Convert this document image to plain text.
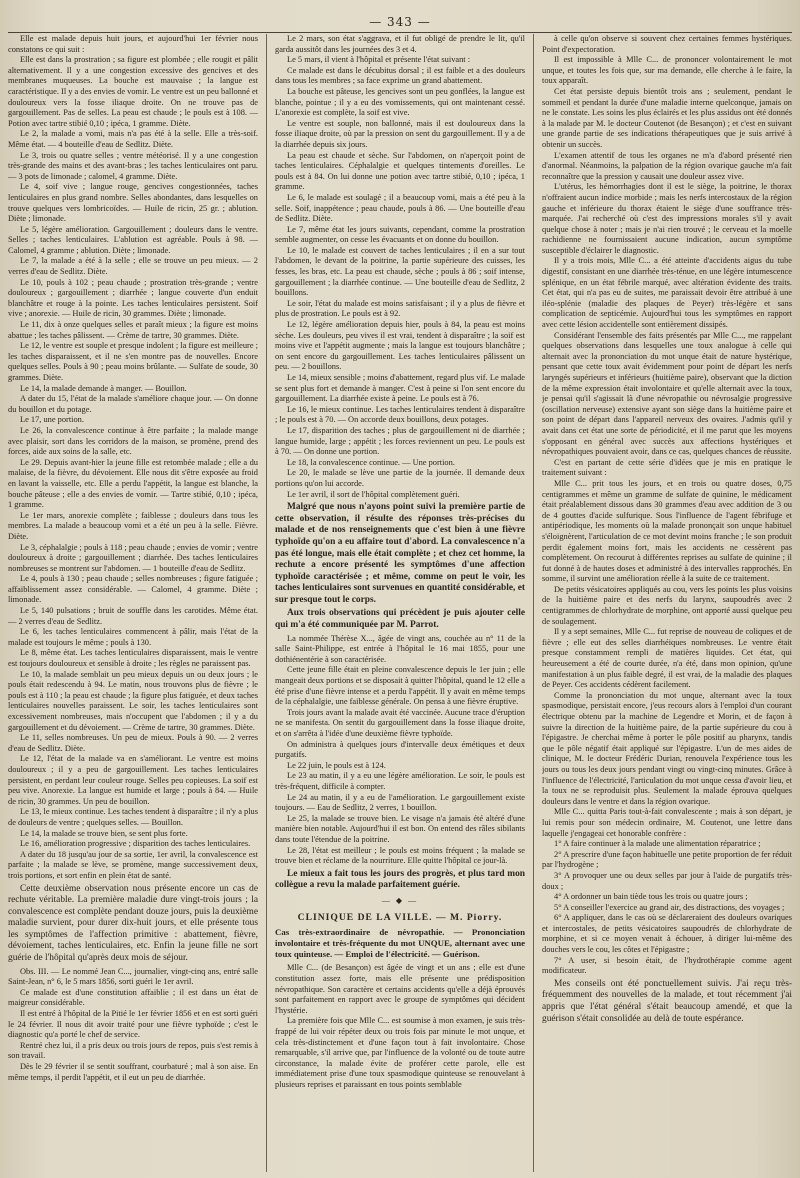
— 343 —

Elle est malade depuis huit jours, et aujourd'hui 1er février nous constatons ce qui suit :

Elle est dans la prostration ; sa figure est plombée ; elle rougit et pâlit alternativement. Il y a une congestion excessive des gencives et des membranes muqueuses. La bouche est mauvaise ; la langue est caractéristique. Il y a des envies de vomir. Le ventre est un peu ballonné et douloureux vers la fosse iliaque droite. On ne trouve pas de gargouillement. Pas de selles. La peau est chaude ; le pouls est à 108. — Potion avec tartre stibié 0,10 ; ipéca, 1 gramme. Diète.

Le 2, la malade a vomi, mais n'a pas été à la selle. Elle a très-soif. Même état. — 4 bouteille d'eau de Sedlitz. Diète.

Le 3, trois ou quatre selles ; ventre météorisé. Il y a une congestion très-grande des mains et des avant-bras ; les taches lenticulaires ont paru. — 3 pots de limonade ; calomel, 4 gramme. Diète.

Le 4, soif vive ; langue rouge, gencives congestionnées, taches lenticulaires en plus grand nombre. Selles abondantes, dans lesquelles on trouve quelques vers lombricoïdes. — Huile de ricin, 25 gr. ; ablution. Diète ; limonade.

Le 5, légère amélioration. Gargouillement ; douleurs dans le ventre. Selles ; taches lenticulaires. L'ablution est agréable. Pouls à 98. — Calomel, 4 gramme ; ablution. Diète ; limonade.

Le 7, la malade a été à la selle ; elle se trouve un peu mieux. — 2 verres d'eau de Sedlitz. Diète.

Le 10, pouls à 102 ; peau chaude ; prostration très-grande ; ventre douloureux ; gargouillement ; diarrhée ; langue couverte d'un enduit blanchâtre et rouge à la pointe. Les taches lenticulaires persistent. Soif vive ; anorexie. — Huile de ricin, 30 grammes. Diète ; limonade.

Le 11, dix à onze quelques selles et paraît mieux ; la figure est moins abattue ; les taches pâlissent. — Crème de tartre, 30 grammes. Diète.

Le 12, le ventre est souple et presque indolent ; la figure est meilleure ; les taches disparaissent, et il ne s'en montre pas de nouvelles. Encore quelques selles. Pouls à 90 ; peau moins brûlante. — Sulfate de soude, 30 grammes. Diète.

Le 14, la malade demande à manger. — Bouillon.

A dater du 15, l'état de la malade s'améliore chaque jour. — On donne du bouillon et du potage.

Le 17, une portion.

Le 26, la convalescence continue à être parfaite ; la malade mange avec plaisir, sort dans les corridors de la maison, se promène, prend des forces, aide aux soins de la salle, etc.

Le 29. Depuis avant-hier la jeune fille est retombée malade ; elle a du malaise, de la fièvre, du dévoiement. Elle nous dit s'être exposée au froid en lavant la vaisselle, etc. Elle a perdu l'appétit, la langue est blanche, la bouche pâteuse ; elle a des envies de vomir. — Tartre stibié, 0,10 ; ipéca, 1 gramme.

Le 1er mars, anorexie complète ; faiblesse ; douleurs dans tous les membres. La malade a beaucoup vomi et a été un peu à la selle. Fièvre. Diète.

Le 3, céphalalgie ; pouls à 118 ; peau chaude ; envies de vomir ; ventre douloureux à droite ; gargouillement ; diarrhée. Des taches lenticulaires nombreuses se montrent sur l'abdomen. — 1 bouteille d'eau de Sedlitz.

Le 4, pouls à 130 ; peau chaude ; selles nombreuses ; figure fatiguée ; affaiblissement assez considérable. — Calomel, 4 gramme. Diète ; limonade.

Le 5, 140 pulsations ; bruit de souffle dans les carotides. Même état. — 2 verres d'eau de Sedlitz.

Le 6, les taches lenticulaires commencent à pâlir, mais l'état de la malade est toujours le même ; pouls à 130.

Le 8, même état. Les taches lenticulaires disparaissent, mais le ventre est toujours douloureux et sensible à droite ; les règles ne paraissent pas.

Le 10, la malade semblait un peu mieux depuis un ou deux jours ; le pouls était redescendu à 94. Le matin, nous trouvons plus de fièvre ; le pouls est à 110 ; la peau est chaude ; la figure plus fatiguée, et deux taches lenticulaires nouvelles paraissent. Le soir, les taches lenticulaires sont excessivement nombreuses, mais n'occupent que l'abdomen ; il y a du gargouillement et du dévoiement. — Crème de tartre, 30 grammes. Diète.

Le 11, selles nombreuses. Un peu de mieux. Pouls à 90. — 2 verres d'eau de Sedlitz. Diète.

Le 12, l'état de la malade va en s'améliorant. Le ventre est moins douloureux ; il y a peu de gargouillement. Les taches lenticulaires persistent, en perdant leur couleur rouge. Selles peu copieuses. La soif est peu vive. Anorexie. La langue est humide et large ; pouls à 84. — Huile de ricin, 30 grammes. Un peu de bouillon.

Le 13, le mieux continue. Les taches tendent à disparaître ; il n'y a plus de douleurs de ventre ; quelques selles. — Bouillon.

Le 14, la malade se trouve bien, se sent plus forte.

Le 16, amélioration progressive ; disparition des taches lenticulaires.

A dater du 18 jusqu'au jour de sa sortie, 1er avril, la convalescence est parfaite ; la malade se lève, se promène, mange successivement deux, trois portions, et sort enfin en plein état de santé.

Cette deuxième observation nous présente encore un cas de rechute véritable. La première maladie dure vingt-trois jours ; la convalescence est complète pendant douze jours, puis la deuxième maladie survient, pour durer dix-huit jours, et elle présente tous les symptômes de l'affection primitive : abattement, fièvre, dévoiement, taches lenticulaires, etc. Enfin la jeune fille ne sort guérie de l'hôpital qu'après deux mois de séjour.

Obs. III. — Le nommé Jean C..., journalier, vingt-cinq ans, entré salle Saint-Jean, n° 6, le 5 mars 1856, sorti guéri le 1er avril.

Ce malade est d'une constitution affaiblie ; il est dans un état de maigreur considérable.

Il est entré à l'hôpital de la Pitié le 1er février 1856 et en est sorti guéri le 24 février. Il nous dit avoir traité pour une fièvre typhoïde ; c'est le diagnostic qu'a porté le chef de service.

Rentré chez lui, il a pris deux ou trois jours de repos, puis s'est remis à son travail.

Dès le 29 février il se sentit souffrant, courbaturé ; mal à son aise. En même temps, il perdit l'appétit, et il eut un peu de diarrhée.

Le 2 mars, son état s'aggrava, et il fut obligé de prendre le lit, qu'il garda aussitôt dans les journées des 3 et 4.

Le 5 mars, il vient à l'hôpital et présente l'état suivant :

Ce malade est dans le décubitus dorsal ; il est faible et a des douleurs dans tous les membres ; sa face exprime un grand abattement.

La bouche est pâteuse, les gencives sont un peu gonflées, la langue est blanche, pointue ; il y a eu des vomissements, qui ont maintenant cessé. L'anorexie est complète, la soif est vive.

Le ventre est souple, non ballonné, mais il est douloureux dans la fosse iliaque droite, où par la pression on sent du gargouillement. Il y a de la diarrhée depuis six jours.

La peau est chaude et sèche. Sur l'abdomen, on n'aperçoit point de taches lenticulaires. Céphalalgie et quelques tintements d'oreilles. Le pouls est à 84. On lui donne une potion avec tartre stibié, 0,10 ; ipéca, 1 gramme.

Le 6, le malade est soulagé ; il a beaucoup vomi, mais a été peu à la selle. Soif, inappétence ; peau chaude, pouls à 86. — Une bouteille d'eau de Sedlitz. Diète.

Le 7, même état les jours suivants, cependant, comme la prostration semble augmenter, on cesse les évacuants et on donne du bouillon.

Le 10, le malade est couvert de taches lenticulaires ; il en a sur tout l'abdomen, le devant de la poitrine, la partie supérieure des cuisses, les fesses, les bras, etc. La peau est chaude, sèche ; pouls à 86 ; soif intense, gargouillement ; la diarrhée continue. — Une bouteille d'eau de Sedlitz, 2 bouillons.

Le soir, l'état du malade est moins satisfaisant ; il y a plus de fièvre et plus de prostration. Le pouls est à 92.

Le 12, légère amélioration depuis hier, pouls à 84, la peau est moins sèche. Les douleurs, peu vives il est vrai, tendent à disparaître ; la soif est moins vive et l'appétit augmente ; mais la langue est toujours blanchâtre ; on sent encore du gargouillement. Les taches lenticulaires pâlissent un peu. — 2 bouillons.

Le 14, mieux sensible ; moins d'abattement, regard plus vif. Le malade se sent plus fort et demande à manger. C'est à peine si l'on sent encore du gargouillement. La diarrhée existe à peine. Le pouls est à 76.

Le 16, le mieux continue. Les taches lenticulaires tendent à disparaître ; le pouls est à 70. — On accorde deux bouillons, deux potages.

Le 17, disparition des taches ; plus de gargouillement ni de diarrhée ; langue humide, large ; appétit ; les forces reviennent un peu. Le pouls est à 70. — On donne une portion.

Le 18, la convalescence continue. — Une portion.

Le 20, le malade se lève une partie de la journée. Il demande deux portions qu'on lui accorde.

Le 1er avril, il sort de l'hôpital complètement guéri.

Malgré que nous n'ayons point suivi la première partie de cette observation, il résulte des réponses très-précises du malade et de nos renseignements que c'est bien à une fièvre typhoïde qu'on a eu affaire tout d'abord. La convalescence n'a pas été longue, mais elle était complète ; et chez cet homme, la rechute a encore présenté les symptômes d'une affection typhoïde caractérisée ; et même, comme on peut le voir, les taches lenticulaires sont survenues en quantité considérable, et sur presque tout le corps.

Aux trois observations qui précèdent je puis ajouter celle qui m'a été communiquée par M. Parrot.

La nommée Thérèse X..., âgée de vingt ans, couchée au n° 11 de la salle Saint-Philippe, est entrée à l'hôpital le 16 mai 1855, pour une dothiénentérie à son caractérisée.

Cette jeune fille était en pleine convalescence depuis le 1er juin ; elle mangeait deux portions et se disposait à quitter l'hôpital, quand le 12 elle a été prise d'une fièvre intense et a perdu l'appétit. Il y avait en même temps de la céphalalgie, une faiblesse générale. On pensa à une fièvre éruptive.

Trois jours avant la malade avait été vaccinée. Aucune trace d'éruption ne se manifesta. On sentit du gargouillement dans la fosse iliaque droite, et on s'arrêta à l'idée d'une deuxième fièvre typhoïde.

On administra à quelques jours d'intervalle deux émétiques et deux purgatifs.

Le 22 juin, le pouls est à 124.

Le 23 au matin, il y a eu une légère amélioration. Le soir, le pouls est très-fréquent, difficile à compter.

Le 24 au matin, il y a eu de l'amélioration. Le gargouillement existe toujours. — Eau de Sedlitz, 2 verres, 1 bouillon.

Le 25, la malade se trouve bien. Le visage n'a jamais été altéré d'une manière bien notable. Aujourd'hui il est bon. On entend des râles sibilants dans toute l'étendue de la poitrine.

Le 28, l'état est meilleur ; le pouls est moins fréquent ; la malade se trouve bien et réclame de la nourriture. Elle quitte l'hôpital ce jour-là.

Le mieux a fait tous les jours des progrès, et plus tard mon collègue a revu la malade parfaitement guérie.

— ◆ —
CLINIQUE DE LA VILLE. — M. Piorry.
Cas très-extraordinaire de névropathie. — Prononciation involontaire et très-fréquente du mot UNQUE, alternant avec une toux quinteuse. — Emploi de l'électricité. — Guérison.

Mlle C... (de Besançon) est âgée de vingt et un ans ; elle est d'une constitution assez forte, mais elle présente une prédisposition névropathique. Son caractère et certains accidents qu'elle a déjà éprouvés sont parfaitement en rapport avec le groupe de symptômes qui décident l'hystérie.

La première fois que Mlle C... est soumise à mon examen, je suis très-frappé de lui voir répéter deux ou trois fois par minute le mot unque, et cela très-distinctement et d'une façon tout à fait involontaire. Chose remarquable, s'il arrive que, par l'influence de la volonté ou de toute autre circonstance, la malade évite de proférer cette parole, elle est immédiatement prise d'une toux spasmodique quinteuse se renouvelant à plusieurs reprises et paraissant en tous points semblable

à celle qu'on observe si souvent chez certaines femmes hystériques. Point d'expectoration.

Il est impossible à Mlle C... de prononcer volontairement le mot unque, et toutes les fois que, sur ma demande, elle cherche à le faire, la toux apparaît.

Cet état persiste depuis bientôt trois ans ; seulement, pendant le sommeil et pendant la durée d'une maladie interne quelconque, jamais on ne le constate. Les soins les plus éclairés et les plus assidus ont été donnés à la malade par M. le docteur Coutenot (de Besançon) ; et c'est en suivant une grande partie de ses indications thérapeutiques que je suis arrivé à obtenir un succès.

L'examen attentif de tous les organes ne m'a d'abord présenté rien d'anormal. Néanmoins, la palpation de la région ovarique gauche m'a fait reconnaître que la pression y causait une douleur assez vive.

L'utérus, les hémorrhagies dont il est le siège, la poitrine, le thorax n'offraient aucun indice morbide ; mais les nerfs intercostaux de la région gauche et inférieure du thorax étaient le siège d'une souffrance très-marquée. J'ai recherché où c'est des impressions morales s'il y avait quelque chose à noter ; mais je n'ai rien trouvé ; le cerveau et la moelle rachidienne ne fournissaient aucune indication, aucun symptôme susceptible d'éclairer le diagnostic.

Il y a trois mois, Mlle C... a été atteinte d'accidents aigus du tube digestif, consistant en une diarrhée très-ténue, en une légère intumescence splénique, en un état fébrile marqué, avec altération évidente des traits. Cet état, qui n'a pas eu de suites, me paraissait devoir être attribué à une iléo-splénie (maladie des plaques de Peyer) très-légère et sans complication de septicémie. Aujourd'hui tous les symptômes en rapport avec cette lésion accidentelle sont entièrement dissipés.

Considérant l'ensemble des faits présentés par Mlle C..., me rappelant quelques observations dans lesquelles une toux analogue à celle qui alternait avec la prononciation du mot unque était de nature hystérique, pensant que cette toux avait évidemment pour point de départ les nerfs laryngés supérieurs et inférieurs (huitième paire), observant que la diction de la même expression était involontaire et qu'elle alternait avec la toux, je pensai qu'il s'agissait là d'une névropathie ou névrosalgie progressive (oscillation nerveuse) extensive ayant son siège dans la huitième paire et son point de départ dans l'appareil nerveux des ovaires. J'admis qu'il y avait dans cet état une sorte de périodicité, et il me parut que les moyens s'opposant en général avec succès aux affections hystériques et névropathiques pouvaient avoir, dans ce cas, quelques chances de réussite.

C'est en partant de cette série d'idées que je mis en pratique le traitement suivant :

Mlle C... prit tous les jours, et en trois ou quatre doses, 0,75 centigrammes et même un gramme de sulfate de quinine, le médicament était préalablement dissous dans 30 grammes d'eau avec addition de 3 ou de 4 gouttes d'acide sulfurique. Sous l'influence de l'agent fébrifuge et antipériodique, les moments où la malade prononçait son unque habituel s'éloignèrent, l'articulation de ce mot devint moins franche ; le son produit perdit également moins fort, mais les accidents ne cessèrent pas complètement. On recourut à différentes reprises au sulfate de quinine ; il fut donné à de hautes doses et administré à des intervalles rapprochés. En somme, il survint une amélioration réelle à la suite de ce traitement.

De petits vésicatoires appliqués au cou, vers les points les plus voisins de la huitième paire et des nerfs du larynx, saupoudrés avec 2 centigrammes de chlorhydrate de morphine, ont apporté aussi quelque peu de soulagement.

Il y a sept semaines, Mlle C... fut reprise de nouveau de coliques et de fièvre ; elle eut des selles diarrhéiques nombreuses. Le ventre était presque constamment rempli de matières liquides. Cet état, qui heureusement a été de courte durée, n'a été, dans mon opinion, qu'une manifestation à un plus faible degré, il est vrai, de la maladie des plaques de Peyer. Ces accidents cédèrent facilement.

Comme la prononciation du mot unque, alternant avec la toux spasmodique, persistait encore, j'eus recours alors à l'emploi d'un courant électrique obtenu par la machine de Legendre et Morin, et de façon à suivre la direction de la huitième paire, de la partie supérieure du cou à l'épigastre. Je cherchai même à porter le pôle positif au pharynx, tandis que le pôle négatif était appliqué sur l'épigastre. L'un de mes aides de clinique, M. le docteur Frédéric Durian, renouvela l'expérience tous les jours ou tous les deux jours pendant vingt ou vingt-cinq minutes. Grâce à l'influence de l'électricité, l'articulation du mot unque cessa d'avoir lieu, et la toux ne se reproduisit plus. Seulement la malade éprouva quelques douleurs dans le ventre et dans la région ovarique.

Mlle C... quitta Paris tout-à-fait convalescente ; mais à son départ, je lui remis pour son médecin ordinaire, M. Coutenot, une lettre dans laquelle j'engageai cet honorable confrère :

1° A faire continuer à la malade une alimentation réparatrice ;

2° A prescrire d'une façon habituelle une petite proportion de fer réduit par l'hydrogène ;

3° A provoquer une ou deux selles par jour à l'aide de purgatifs très-doux ;

4° A ordonner un bain tiède tous les trois ou quatre jours ;

5° A conseiller l'exercice au grand air, des distractions, des voyages ;

6° A appliquer, dans le cas où se déclareraient des douleurs ovariques et intercostales, de petits vésicatoires saupoudrés de chlorhydrate de morphine, et si ce moyen venait à échouer, à diriger lui-même des douches vers le cou, les côtes et l'épigastre ;

7° A user, si besoin était, de l'hydrothérapie comme agent modificateur.

Mes conseils ont été ponctuellement suivis. J'ai reçu très-fréquemment des nouvelles de la malade, et tout récemment j'ai appris que l'état général s'était beaucoup amendé, et que la guérison s'était consolidée au delà de toute espérance.
